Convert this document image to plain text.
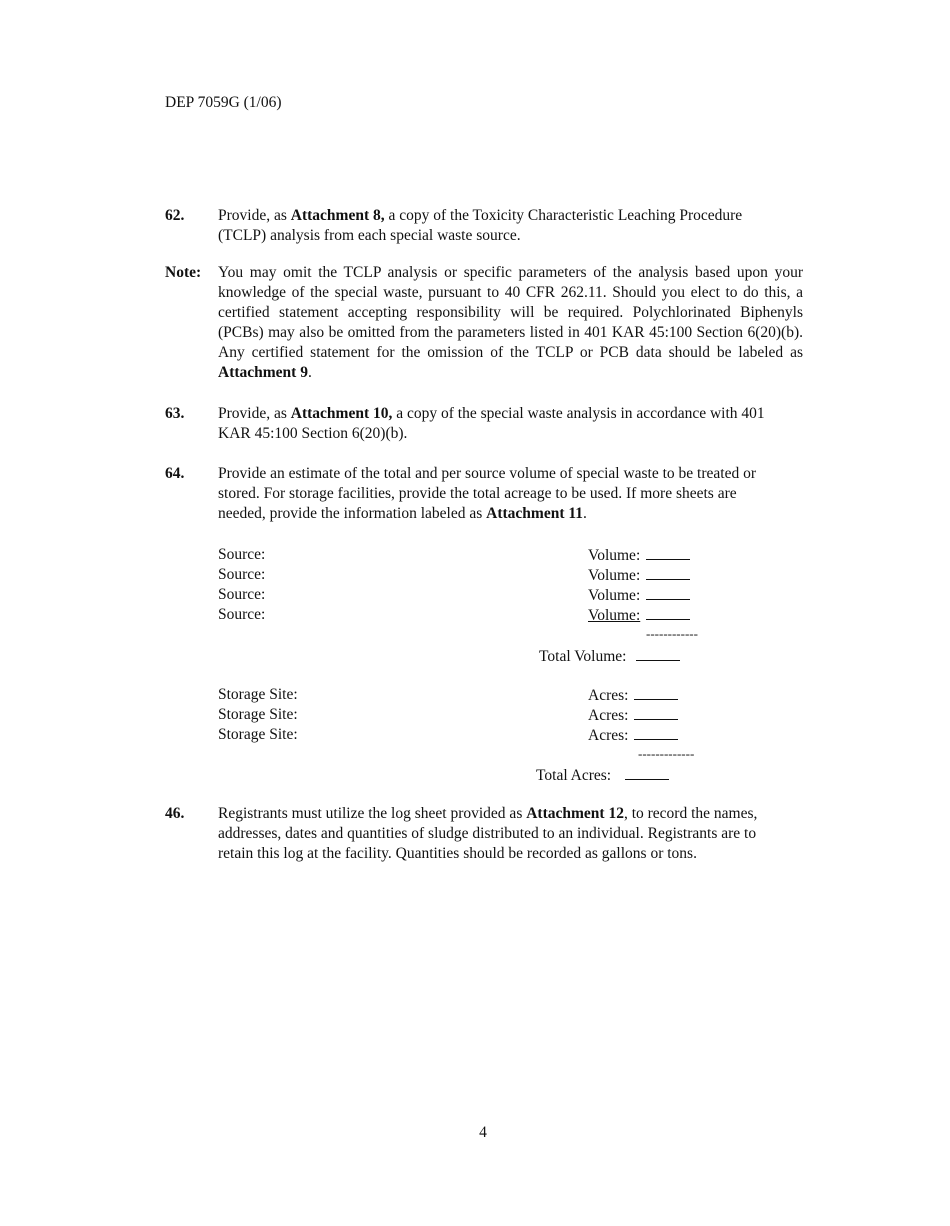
DEP 7059G (1/06)
62. Provide, as Attachment 8, a copy of the Toxicity Characteristic Leaching Procedure (TCLP) analysis from each special waste source.
Note: You may omit the TCLP analysis or specific parameters of the analysis based upon your knowledge of the special waste, pursuant to 40 CFR 262.11. Should you elect to do this, a certified statement accepting responsibility will be required. Polychlorinated Biphenyls (PCBs) may also be omitted from the parameters listed in 401 KAR 45:100 Section 6(20)(b). Any certified statement for the omission of the TCLP or PCB data should be labeled as Attachment 9.
63. Provide, as Attachment 10, a copy of the special waste analysis in accordance with 401 KAR 45:100 Section 6(20)(b).
64. Provide an estimate of the total and per source volume of special waste to be treated or stored. For storage facilities, provide the total acreage to be used. If more sheets are needed, provide the information labeled as Attachment 11.
Source:
Source:
Source:
Source:
Volume:
Volume:
Volume:
Volume:
------------
Total Volume:
Storage Site:
Storage Site:
Storage Site:
Acres:
Acres:
Acres:
-------------
Total Acres:
46. Registrants must utilize the log sheet provided as Attachment 12, to record the names, addresses, dates and quantities of sludge distributed to an individual. Registrants are to retain this log at the facility. Quantities should be recorded as gallons or tons.
4
